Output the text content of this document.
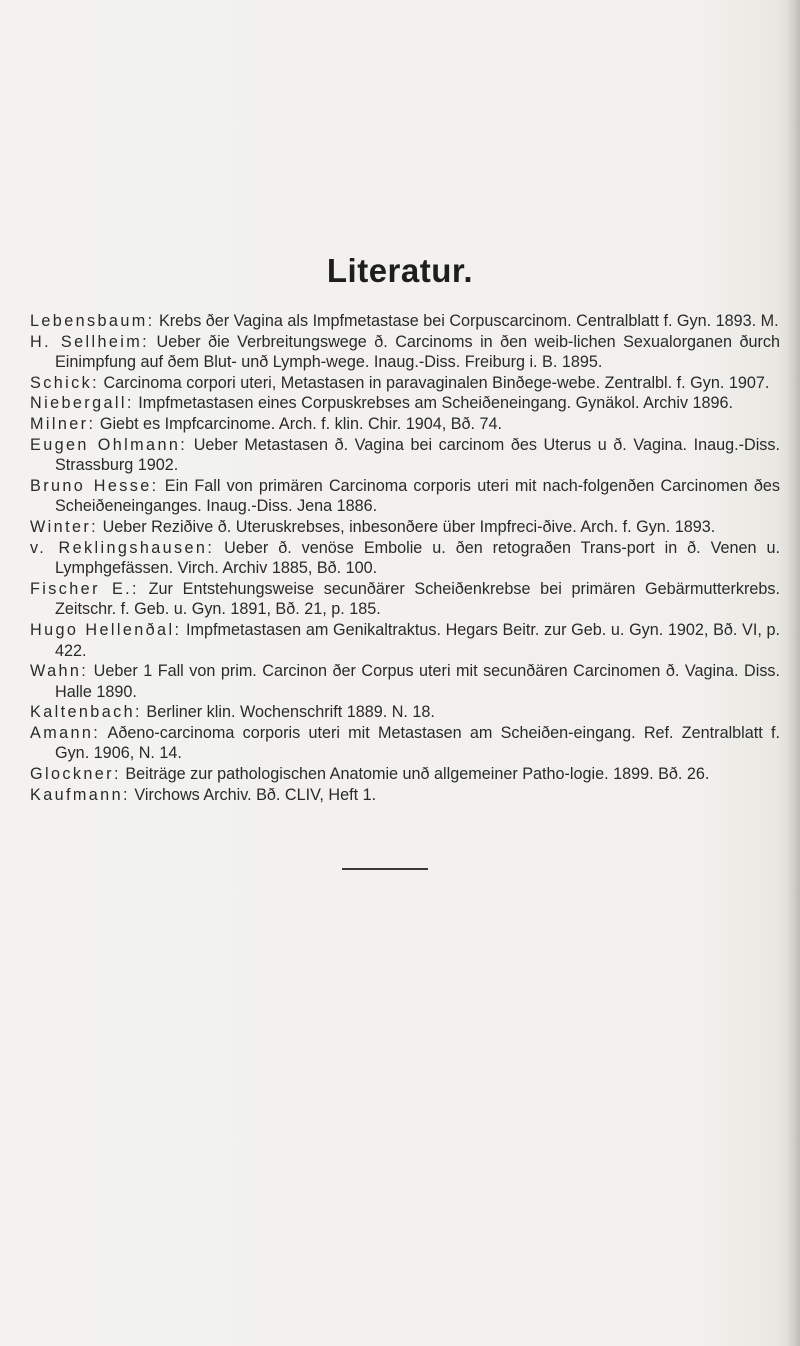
Literatur.
Lebensbaum: Krebs ðer Vagina als Impfmetastase bei Corpuscarcinom. Centralblatt f. Gyn. 1893. M.
H. Sellheim: Ueber ðie Verbreitungswege ð. Carcinoms in ðen weib-lichen Sexualorganen ðurch Einimpfung auf ðem Blut- unð Lymph-wege. Inaug.-Diss. Freiburg i. B. 1895.
Schick: Carcinoma corpori uteri, Metastasen in paravaginalen Binðege-webe. Zentralbl. f. Gyn. 1907.
Niebergall: Impfmetastasen eines Corpuskrebses am Scheiðeneingang. Gynäkol. Archiv 1896.
Milner: Giebt es Impfcarcinome. Arch. f. klin. Chir. 1904, Bð. 74.
Eugen Ohlmann: Ueber Metastasen ð. Vagina bei carcinom ðes Uterus u ð. Vagina. Inaug.-Diss. Strassburg 1902.
Bruno Hesse: Ein Fall von primären Carcinoma corporis uteri mit nach-folgenðen Carcinomen ðes Scheiðeneinganges. Inaug.-Diss. Jena 1886.
Winter: Ueber Reziðive ð. Uteruskrebses, inbesonðere über Impfreci-ðive. Arch. f. Gyn. 1893.
v. Reklingshausen: Ueber ð. venöse Embolie u. ðen retograðen Trans-port in ð. Venen u. Lymphgefässen. Virch. Archiv 1885, Bð. 100.
Fischer E.: Zur Entstehungsweise secunðärer Scheiðenkrebse bei primären Gebärmutterkrebs. Zeitschr. f. Geb. u. Gyn. 1891, Bð. 21, p. 185.
Hugo Hellenðal: Impfmetastasen am Genikaltraktus. Hegars Beitr. zur Geb. u. Gyn. 1902, Bð. VI, p. 422.
Wahn: Ueber 1 Fall von prim. Carcinon ðer Corpus uteri mit secunðären Carcinomen ð. Vagina. Diss. Halle 1890.
Kaltenbach: Berliner klin. Wochenschrift 1889. N. 18.
Amann: Aðeno-carcinoma corporis uteri mit Metastasen am Scheiðen-eingang. Ref. Zentralblatt f. Gyn. 1906, N. 14.
Glockner: Beiträge zur pathologischen Anatomie unð allgemeiner Patho-logie. 1899. Bð. 26.
Kaufmann: Virchows Archiv. Bð. CLIV, Heft 1.
